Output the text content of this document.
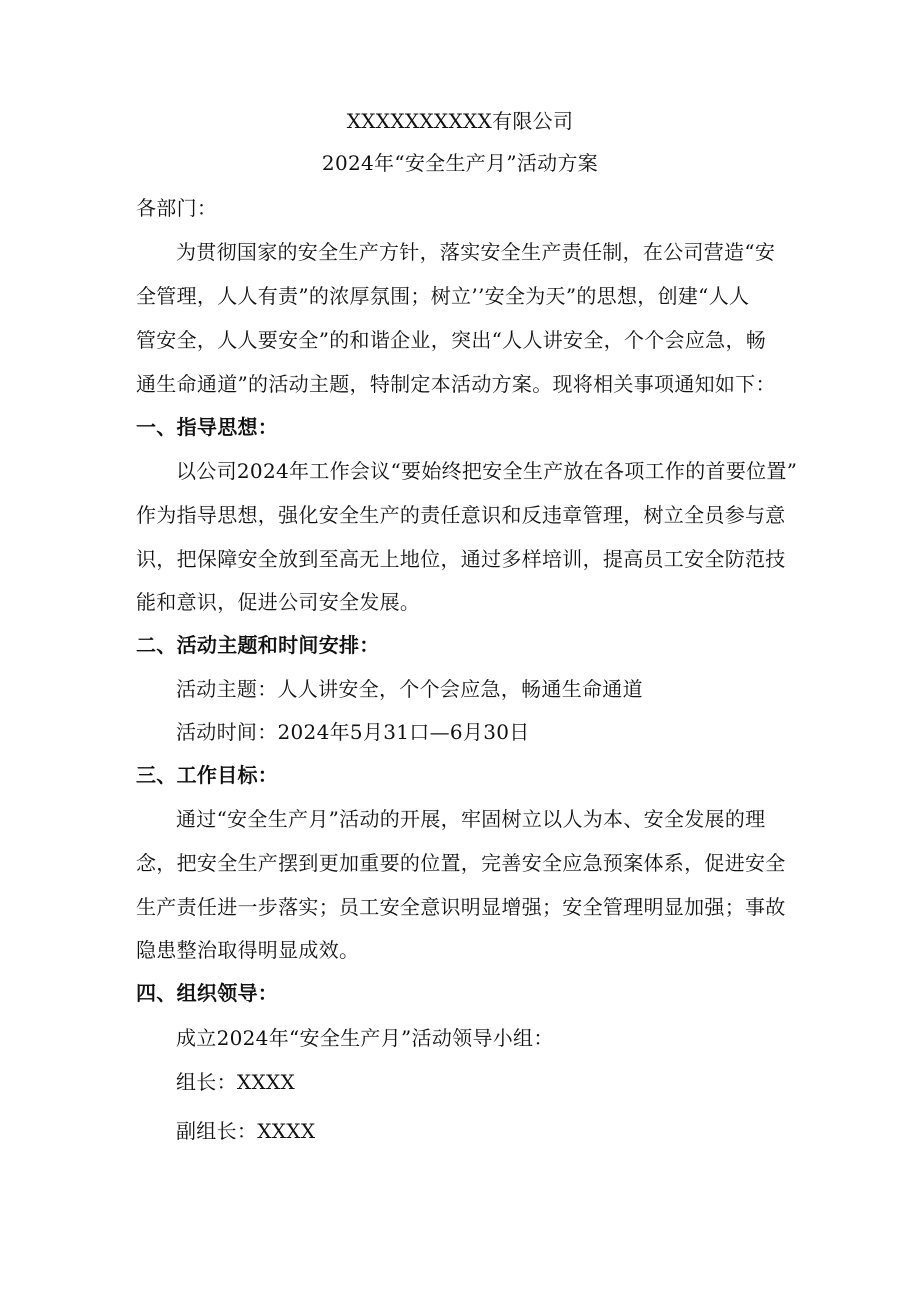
XXXXXXXXXX有限公司
2024年“安全生产月”活动方案
各部门：
为贯彻国家的安全生产方针，落实安全生产责任制，在公司营造“安
全管理，人人有责”的浓厚氛围；树立’’安全为天”的思想，创建“人人
管安全，人人要安全”的和谐企业，突出“人人讲安全，个个会应急，畅
通生命通道”的活动主题，特制定本活动方案。现将相关事项通知如下：
一、指导思想：
以公司2024年工作会议“要始终把安全生产放在各项工作的首要位置”
作为指导思想，强化安全生产的责任意识和反违章管理，树立全员参与意
识，把保障安全放到至高无上地位，通过多样培训，提高员工安全防范技
能和意识，促进公司安全发展。
二、活动主题和时间安排：
活动主题：人人讲安全，个个会应急，畅通生命通道
活动时间：2024年5月31口—6月30日
三、工作目标：
通过“安全生产月”活动的开展，牢固树立以人为本、安全发展的理
念，把安全生产摆到更加重要的位置，完善安全应急预案体系，促进安全
生产责任进一步落实；员工安全意识明显增强；安全管理明显加强；事故
隐患整治取得明显成效。
四、组织领导：
成立2024年“安全生产月”活动领导小组：
组长：XXXX
副组长：XXXX
